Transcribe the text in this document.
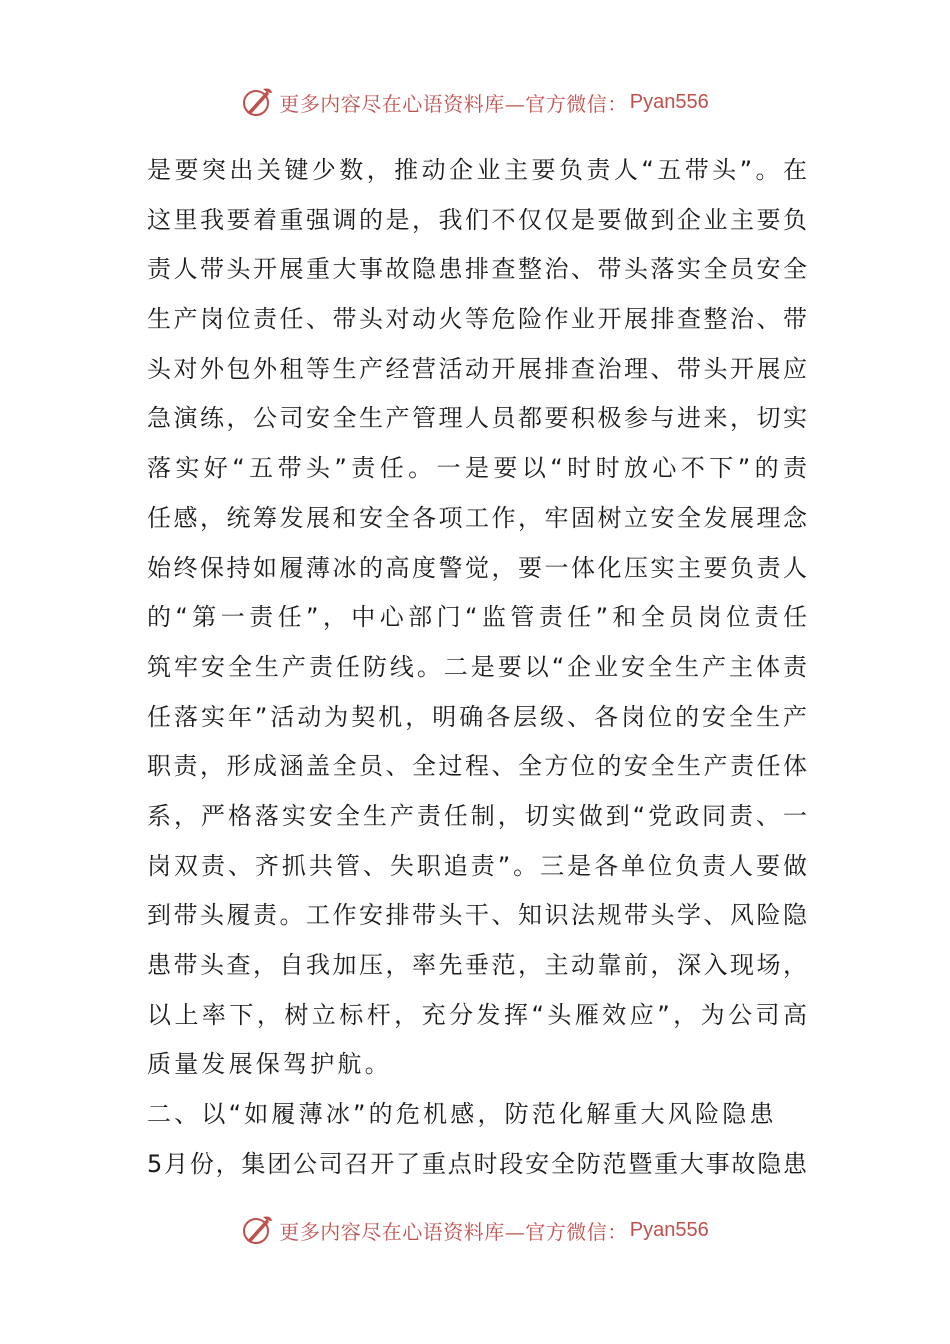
更多内容尽在心语资料库—官方微信： Pyan556
是要突出关键少数，推动企业主要负责人“五带头”。在
这里我要着重强调的是，我们不仅仅是要做到企业主要负
责人带头开展重大事故隐患排查整治、带头落实全员安全
生产岗位责任、带头对动火等危险作业开展排查整治、带
头对外包外租等生产经营活动开展排查治理、带头开展应
急演练，公司安全生产管理人员都要积极参与进来，切实
落实好“五带头”责任。一是要以“时时放心不下”的责
任感，统筹发展和安全各项工作，牢固树立安全发展理念
始终保持如履薄冰的高度警觉，要一体化压实主要负责人
的“第一责任”，中心部门“监管责任”和全员岗位责任
筑牢安全生产责任防线。二是要以“企业安全生产主体责
任落实年”活动为契机，明确各层级、各岗位的安全生产
职责，形成涵盖全员、全过程、全方位的安全生产责任体
系，严格落实安全生产责任制，切实做到“党政同责、一
岗双责、齐抓共管、失职追责”。三是各单位负责人要做
到带头履责。工作安排带头干、知识法规带头学、风险隐
患带头查，自我加压，率先垂范，主动靠前，深入现场，
以上率下，树立标杆，充分发挥“头雁效应”，为公司高
质量发展保驾护航。
二、以“如履薄冰”的危机感，防范化解重大风险隐患
5月份，集团公司召开了重点时段安全防范暨重大事故隐患
更多内容尽在心语资料库—官方微信： Pyan556
